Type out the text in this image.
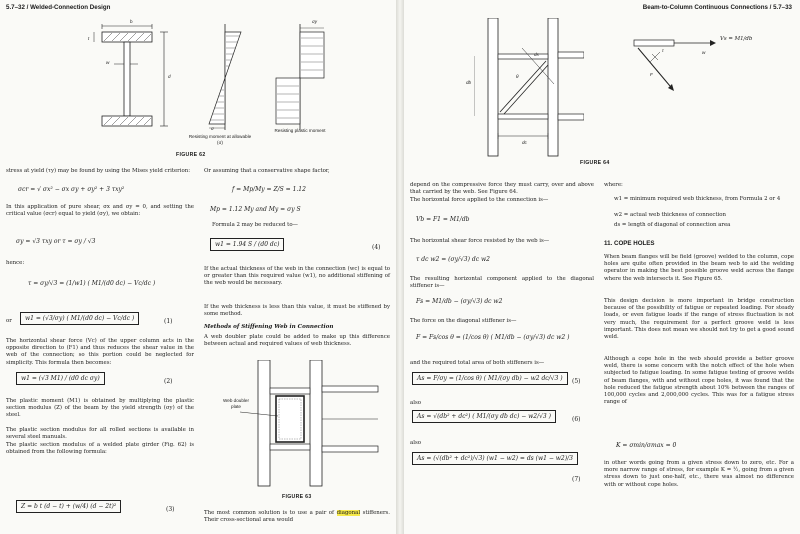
5.7–32 / Welded-Connection Design
b
d
w
t
σ
Resisting moment at allowable (σ)
σy
Resisting plastic moment
FIGURE 62
stress at yield (τy) may be found by using the Mises yield criterion:
σcr = √ σx² − σx σy + σy² + 3 τxy²
In this application of pure shear, σx and σy = 0, and setting the critical value (σcr) equal to yield (σy), we obtain:
σy = √3 τxy or τ = σy / √3
hence:
τ = σy/√3 = (1/w1) ( M1/(d0 dc) − Vc/dc )
or	w1 = (√3/σy) ( M1/(d0 dc) − Vc/dc )	(1)
The horizontal shear force (Vc) of the upper column acts in the opposite direction to (F1) and thus reduces the shear value in the web of the connection; so this portion could be neglected for simplicity. This formula then becomes:
w1 = (√3 M1) / (d0 dc σy)	(2)
The plastic moment (M1) is obtained by multiplying the plastic section modulus (Z) of the beam by the yield strength (σy) of the steel.
The plastic section modulus for all rolled sections is available in several steel manuals.
The plastic section modulus of a welded plate girder (Fig. 62) is obtained from the following formula:
Z = b t (d − t) + (w/4) (d − 2t)²	(3)
Or assuming that a conservative shape factor,
f = Mp/My = Z/S = 1.12
Mp = 1.12 My and My = σy S
Formula 2 may be reduced to—
w1 = 1.94 S / (d0 dc)	(4)
If the actual thickness of the web in the connection (wc) is equal to or greater than this required value (w1), no additional stiffening of the web would be necessary.
If the web thickness is less than this value, it must be stiffened by some method.
Methods of Stiffening Web in Connection
A web doubler plate could be added to make up this difference between actual and required values of web thickness.
Web doubler plate
FIGURE 63
The most common solution is to use a pair of diagonal stiffeners. Their cross-sectional area would
Beam-to-Column Continuous Connections / 5.7–33
ds
dc
db
θ
Vs = M1/db
F
τ	w
FIGURE 64
depend on the compressive force they must carry, over and above that carried by the web. See Figure 64.
The horizontal force applied to the connection is—
Vb = F1 = M1/db
The horizontal shear force resisted by the web is—
τ dc w2 = (σy/√3) dc w2
The resulting horizontal component applied to the diagonal stiffener is—
Fs = M1/db − (σy/√3) dc w2
The force on the diagonal stiffener is—
F = Fs/cos θ = (1/cos θ) ( M1/db − (σy/√3) dc w2 )
and the required total area of both stiffeners is—
As = F/σy = (1/cos θ) ( M1/(σy db) − w2 dc/√3 )	(5)
also
As = √(db² + dc²) ( M1/(σy db dc) − w2/√3 )	(6)
also
As = (√(db² + dc²)/√3) (w1 − w2) = ds (w1 − w2)/3
(7)
where:
w1 = minimum required web thickness, from Formula 2 or 4
w2 = actual web thickness of connection
ds = length of diagonal of connection area
11. COPE HOLES
When beam flanges will be field (groove) welded to the column, cope holes are quite often provided in the beam web to aid the welding operator in making the best possible groove weld across the flange where the web intersects it. See Figure 65.
This design decision is more important in bridge construction because of the possibility of fatigue or repeated loading. For steady loads, or even fatigue loads if the range of stress fluctuation is not very much, the requirement for a perfect groove weld is less important. This does not mean we should not try to get a good sound weld.
Although a cope hole in the web should provide a better groove weld, there is some concern with the notch effect of the hole when subjected to fatigue loading. In some fatigue testing of groove welds of beam flanges, with and without cope holes, it was found that the hole reduced the fatigue strength about 10% between the ranges of 100,000 cycles and 2,000,000 cycles. This was for a fatigue stress range of
K = σmin/σmax = 0
in other words going from a given stress down to zero, etc. For a more narrow range of stress, for example K = ½, going from a given stress down to just one-half, etc., there was almost no difference with or without cope holes.
